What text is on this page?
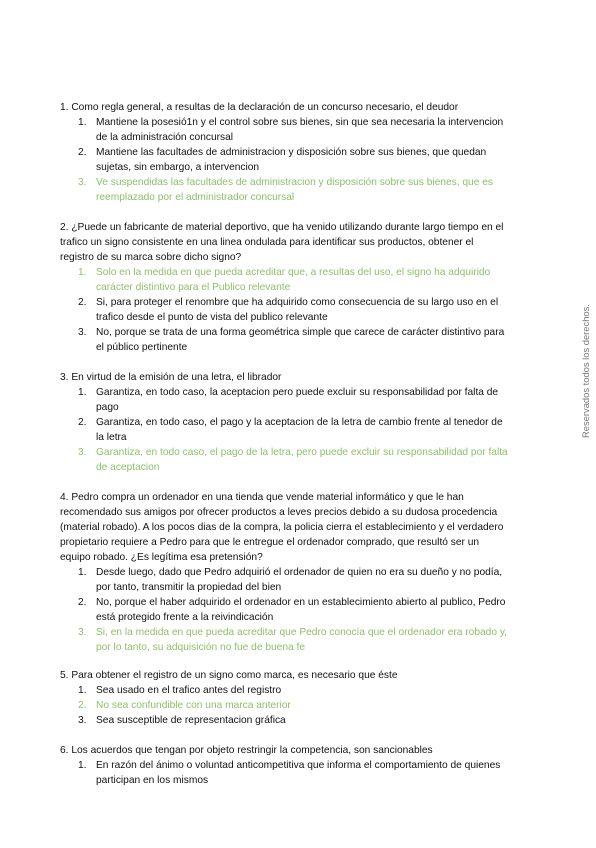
1. Como regla general, a resultas de la declaración de un concurso necesario, el deudor

1. Mantiene la posesió1n y el control sobre sus bienes, sin que sea necesaria la intervencion de la administración concursal
2. Mantiene las facultades de administracion y disposición sobre sus bienes, que quedan sujetas, sin embargo, a intervencion
3. Ve suspendidas las facultades de administracion y disposición sobre sus bienes, que es reemplazado por el administrador concursal

2. ¿Puede un fabricante de material deportivo, que ha venido utilizando durante largo tiempo en el trafico un signo consistente en una linea ondulada para identificar sus productos, obtener el registro de su marca sobre dicho signo?

1. Solo en la medida en que pueda acreditar que, a resultas del uso, el signo ha adquirido carácter distintivo para el Publico relevante
2. Si, para proteger el renombre que ha adquirido como consecuencia de su largo uso en el trafico desde el punto de vista del publico relevante
3. No, porque se trata de una forma geométrica simple que carece de carácter distintivo para el público pertinente

3. En virtud de la emisión de una letra, el librador

1. Garantiza, en todo caso, la aceptacion pero puede excluir su responsabilidad por falta de pago
2. Garantiza, en todo caso, el pago y la aceptacion de la letra de cambio frente al tenedor de la letra
3. Garantiza, en todo caso, el pago de la letra, pero puede excluir su responsabilidad por falta de aceptacion

4. Pedro compra un ordenador en una tienda que vende material informático y que le han recomendado sus amigos por ofrecer productos a leves precios debido a su dudosa procedencia (material robado). A los pocos dias de la compra, la policia cierra el establecimiento y el verdadero propietario requiere a Pedro para que le entregue el ordenador comprado, que resultó ser un equipo robado. ¿Es legítima esa pretensión?

1. Desde luego, dado que Pedro adquirió el ordenador de quien no era su dueño y no podía, por tanto, transmitir la propiedad del bien
2. No, porque el haber adquirido el ordenador en un establecimiento abierto al publico, Pedro está protegido frente a la reivindicación
3. Si, en la medida en que pueda acreditar que Pedro conocía que el ordenador era robado y, por lo tanto, su adquisición no fue de buena fe

5. Para obtener el registro de un signo como marca, es necesario que éste

1. Sea usado en el trafico antes del registro
2. No sea confundible con una marca anterior
3. Sea susceptible de representacion gráfica

6. Los acuerdos que tengan por objeto restringir la competencia, son sancionables

1. En razón del ánimo o voluntad anticompetitiva que informa el comportamiento de quienes participan en los mismos
Reservados todos los derechos.
